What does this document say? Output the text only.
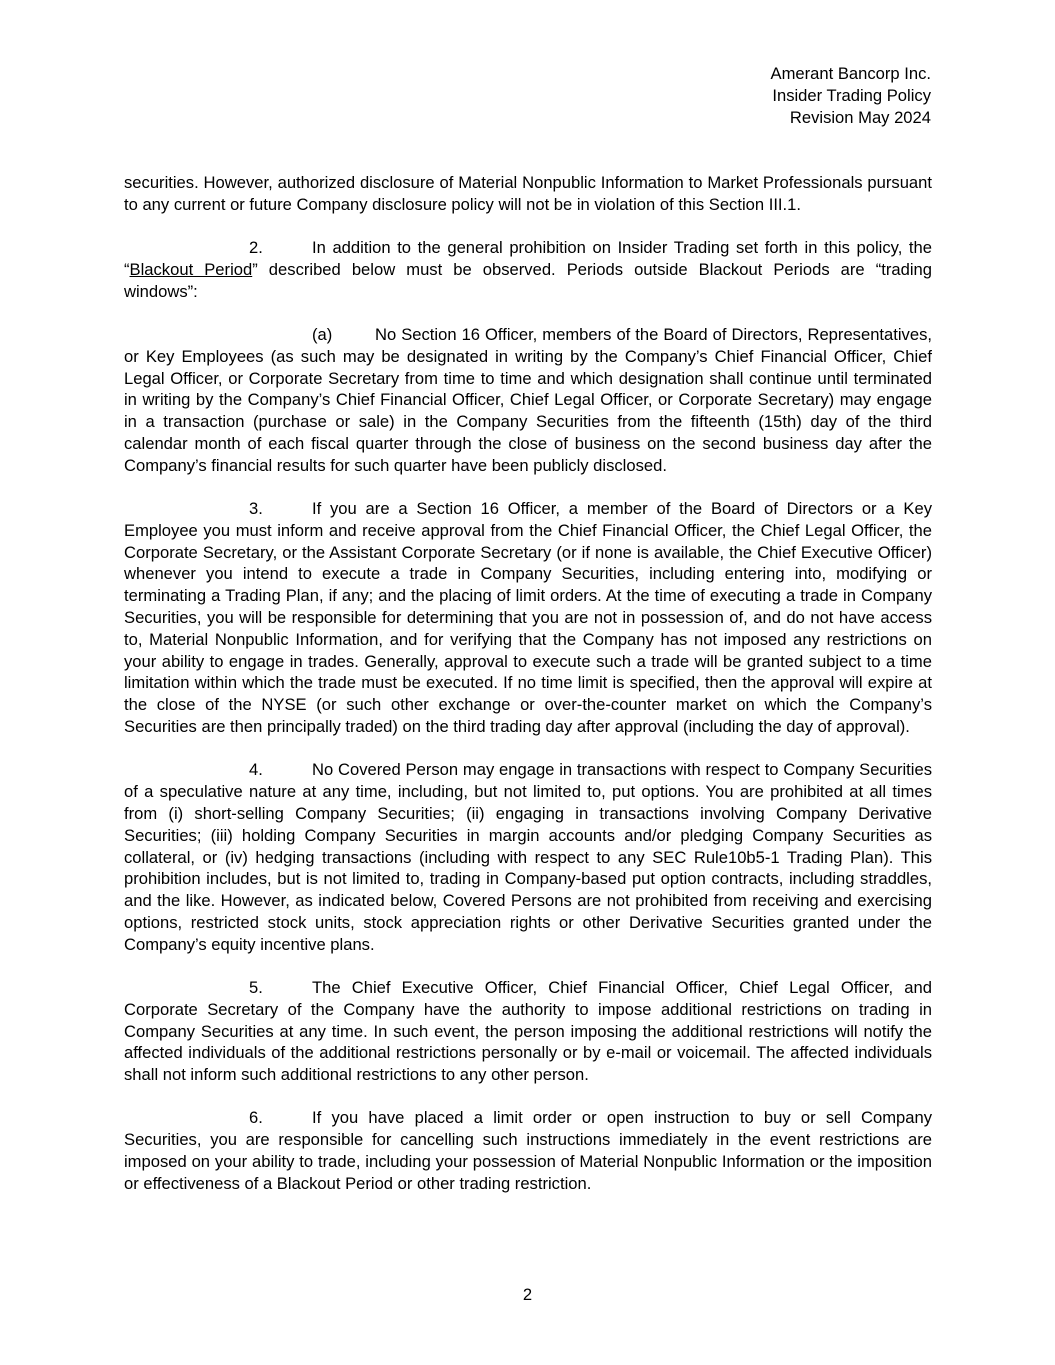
Amerant Bancorp Inc.
Insider Trading Policy
Revision May 2024

securities. However, authorized disclosure of Material Nonpublic Information to Market Professionals pursuant to any current or future Company disclosure policy will not be in violation of this Section III.1.

2.	In addition to the general prohibition on Insider Trading set forth in this policy, the “Blackout Period” described below must be observed. Periods outside Blackout Periods are “trading windows”:

(a)	No Section 16 Officer, members of the Board of Directors, Representatives, or Key Employees (as such may be designated in writing by the Company’s Chief Financial Officer, Chief Legal Officer, or Corporate Secretary from time to time and which designation shall continue until terminated in writing by the Company’s Chief Financial Officer, Chief Legal Officer, or Corporate Secretary) may engage in a transaction (purchase or sale) in the Company Securities from the fifteenth (15th) day of the third calendar month of each fiscal quarter through the close of business on the second business day after the Company’s financial results for such quarter have been publicly disclosed.

3.	If you are a Section 16 Officer, a member of the Board of Directors or a Key Employee you must inform and receive approval from the Chief Financial Officer, the Chief Legal Officer, the Corporate Secretary, or the Assistant Corporate Secretary (or if none is available, the Chief Executive Officer) whenever you intend to execute a trade in Company Securities, including entering into, modifying or terminating a Trading Plan, if any; and the placing of limit orders. At the time of executing a trade in Company Securities, you will be responsible for determining that you are not in possession of, and do not have access to, Material Nonpublic Information, and for verifying that the Company has not imposed any restrictions on your ability to engage in trades. Generally, approval to execute such a trade will be granted subject to a time limitation within which the trade must be executed. If no time limit is specified, then the approval will expire at the close of the NYSE (or such other exchange or over-the-counter market on which the Company’s Securities are then principally traded) on the third trading day after approval (including the day of approval).

4.	No Covered Person may engage in transactions with respect to Company Securities of a speculative nature at any time, including, but not limited to, put options. You are prohibited at all times from (i) short-selling Company Securities; (ii) engaging in transactions involving Company Derivative Securities; (iii) holding Company Securities in margin accounts and/or pledging Company Securities as collateral, or (iv) hedging transactions (including with respect to any SEC Rule10b5-1 Trading Plan). This prohibition includes, but is not limited to, trading in Company-based put option contracts, including straddles, and the like. However, as indicated below, Covered Persons are not prohibited from receiving and exercising options, restricted stock units, stock appreciation rights or other Derivative Securities granted under the Company’s equity incentive plans.

5.	The Chief Executive Officer, Chief Financial Officer, Chief Legal Officer, and Corporate Secretary of the Company have the authority to impose additional restrictions on trading in Company Securities at any time. In such event, the person imposing the additional restrictions will notify the affected individuals of the additional restrictions personally or by e-mail or voicemail. The affected individuals shall not inform such additional restrictions to any other person.

6.	If you have placed a limit order or open instruction to buy or sell Company Securities, you are responsible for cancelling such instructions immediately in the event restrictions are imposed on your ability to trade, including your possession of Material Nonpublic Information or the imposition or effectiveness of a Blackout Period or other trading restriction.

2
